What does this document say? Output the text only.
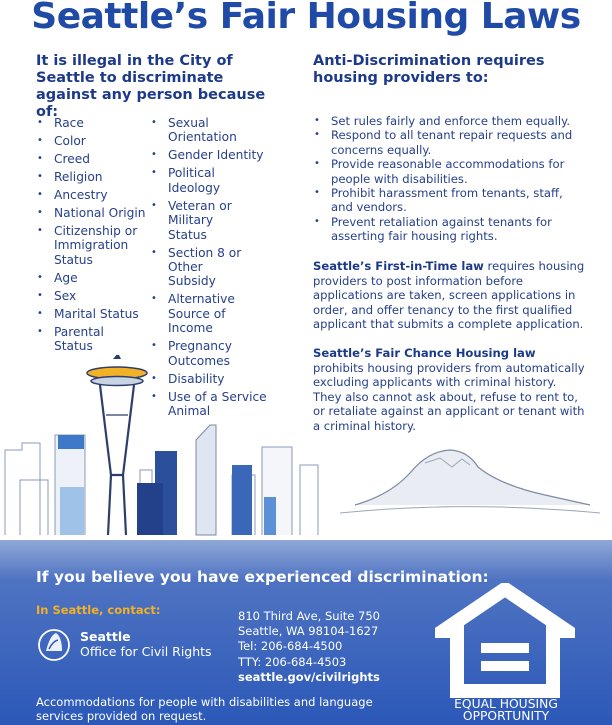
Seattle’s Fair Housing Laws

It is illegal in the City of Seattle to discriminate against any person because of:

• Race
• Color
• Creed
• Religion
• Ancestry
• National Origin
• Citizenship or Immigration Status
• Age
• Sex
• Marital Status
• Parental Status
• Sexual Orientation
• Gender Identity
• Political Ideology
• Veteran or Military Status
• Section 8 or Other Subsidy
• Alternative Source of Income
• Pregnancy Outcomes
• Disability
• Use of a Service Animal

Anti-Discrimination requires housing providers to:

• Set rules fairly and enforce them equally.
• Respond to all tenant repair requests and concerns equally.
• Provide reasonable accommodations for people with disabilities.
• Prohibit harassment from tenants, staff, and vendors.
• Prevent retaliation against tenants for asserting fair housing rights.

Seattle’s First-in-Time law requires housing providers to post information before applications are taken, screen applications in order, and offer tenancy to the first qualified applicant that submits a complete application.

Seattle’s Fair Chance Housing law prohibits housing providers from automatically excluding applicants with criminal history. They also cannot ask about, refuse to rent to, or retaliate against an applicant or tenant with a criminal history.

If you believe you have experienced discrimination:

In Seattle, contact:
Seattle
Office for Civil Rights
810 Third Ave, Suite 750
Seattle, WA 98104-1627
Tel: 206-684-4500
TTY: 206-684-4503
seattle.gov/civilrights
Accommodations for people with disabilities and language services provided on request.
EQUAL HOUSING
OPPORTUNITY
